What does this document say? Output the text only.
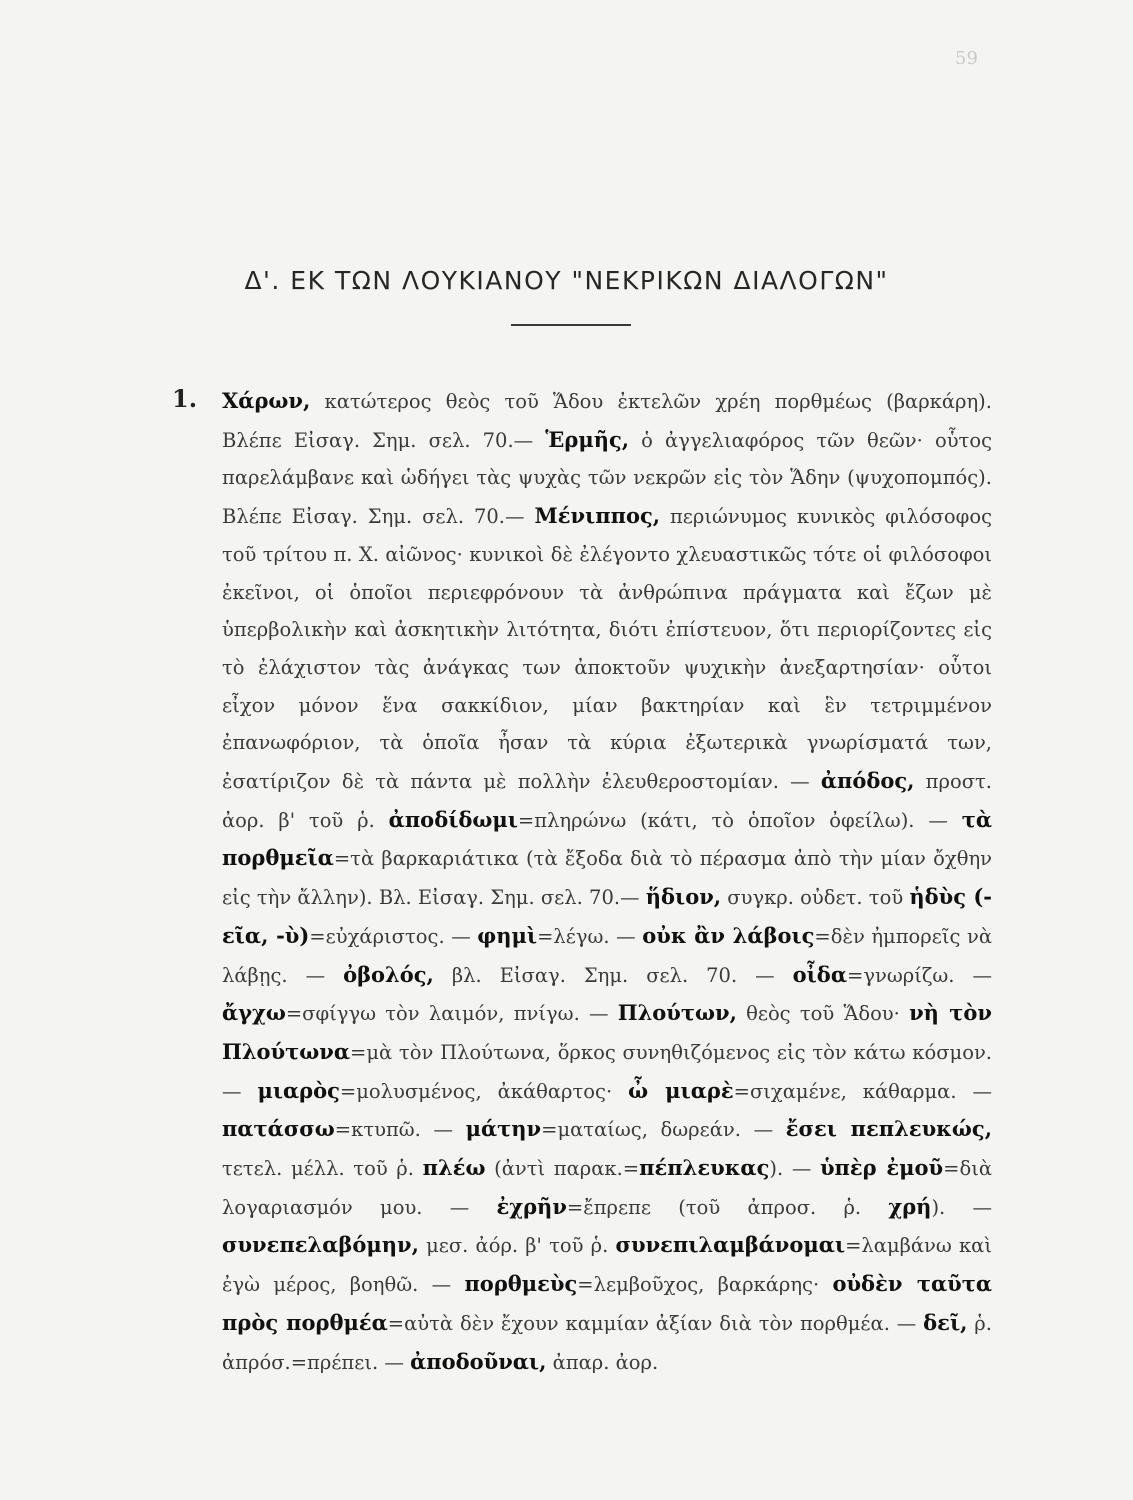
59
Δ'. ΕΚ ΤΩΝ ΛΟΥΚΙΑΝΟΥ "ΝΕΚΡΙΚΩΝ ΔΙΑΛΟΓΩΝ"
1. Χάρων, κατώτερος θεὸς τοῦ Ἅδου ἐκτελῶν χρέη πορθμέως (βαρκάρη). Βλέπε Εἰσαγ. Σημ. σελ. 70.— Ἑρμῆς, ὁ ἀγγελιαφόρος τῶν θεῶν· οὗτος παρελάμβανε καὶ ὡδήγει τὰς ψυχὰς τῶν νεκρῶν εἰς τὸν Ἅδην (ψυχοπομπός). Βλέπε Εἰσαγ. Σημ. σελ. 70.— Μένιππος, περιώνυμος κυνικὸς φιλόσοφος τοῦ τρίτου π. Χ. αἰῶνος· κυνικοὶ δὲ ἐλέγοντο χλευαστικῶς τότε οἱ φιλόσοφοι ἐκεῖνοι, οἱ ὁποῖοι περιεφρόνουν τὰ ἀνθρώπινα πράγματα καὶ ἔζων μὲ ὑπερβολικὴν καὶ ἀσκητικὴν λιτότητα, διότι ἐπίστευον, ὅτι περιορίζοντες εἰς τὸ ἐλάχιστον τὰς ἀνάγκας των ἀποκτοῦν ψυχικὴν ἀνεξαρτησίαν· οὗτοι εἶχον μόνον ἕνα σακκίδιον, μίαν βακτηρίαν καὶ ἓν τετριμμένον ἐπανωφόριον, τὰ ὁποῖα ἦσαν τὰ κύρια ἐξωτερικὰ γνωρίσματά των, ἐσατίριζον δὲ τὰ πάντα μὲ πολλὴν ἐλευθεροστομίαν. — ἀπόδος, προστ. ἀορ. β' τοῦ ῥ. ἀποδίδωμι=πληρώνω (κάτι, τὸ ὁποῖον ὀφείλω). — τὰ πορθμεῖα=τὰ βαρκαριάτικα (τὰ ἔξοδα διὰ τὸ πέρασμα ἀπὸ τὴν μίαν ὄχθην εἰς τὴν ἄλλην). Βλ. Εἰσαγ. Σημ. σελ. 70.— ἥδιον, συγκρ. οὐδετ. τοῦ ἡδὺς (-εῖα, -ὺ)=εὐχάριστος. — φημὶ=λέγω. — οὐκ ἂν λάβοις=δὲν ἠμπορεῖς νὰ λάβῃς. — ὀβολός, βλ. Εἰσαγ. Σημ. σελ. 70. — οἶδα=γνωρίζω. — ἄγχω=σφίγγω τὸν λαιμόν, πνίγω. — Πλούτων, θεὸς τοῦ Ἅδου· νὴ τὸν Πλούτωνα=μὰ τὸν Πλούτωνα, ὅρκος συνηθιζόμενος εἰς τὸν κάτω κόσμον. — μιαρὸς=μολυσμένος, ἀκάθαρτος· ὦ μιαρὲ=σιχαμένε, κάθαρμα. — πατάσσω=κτυπῶ. — μάτην=ματαίως, δωρεάν. — ἔσει πεπλευκώς, τετελ. μέλλ. τοῦ ῥ. πλέω (ἀντὶ παρακ.=πέπλευκας). — ὑπὲρ ἐμοῦ=διὰ λογαριασμόν μου. — ἐχρῆν=ἔπρεπε (τοῦ ἀπροσ. ῥ. χρή). — συνεπελαβόμην, μεσ. ἀόρ. β' τοῦ ῥ. συνεπιλαμβάνομαι=λαμβάνω καὶ ἐγὼ μέρος, βοηθῶ. — πορθμεὺς=λεμβοῦχος, βαρκάρης· οὐδὲν ταῦτα πρὸς πορθμέα=αὐτὰ δὲν ἔχουν καμμίαν ἀξίαν διὰ τὸν πορθμέα. — δεῖ, ῥ. ἀπρόσ.=πρέπει. — ἀποδοῦναι, ἀπαρ. ἀορ.
